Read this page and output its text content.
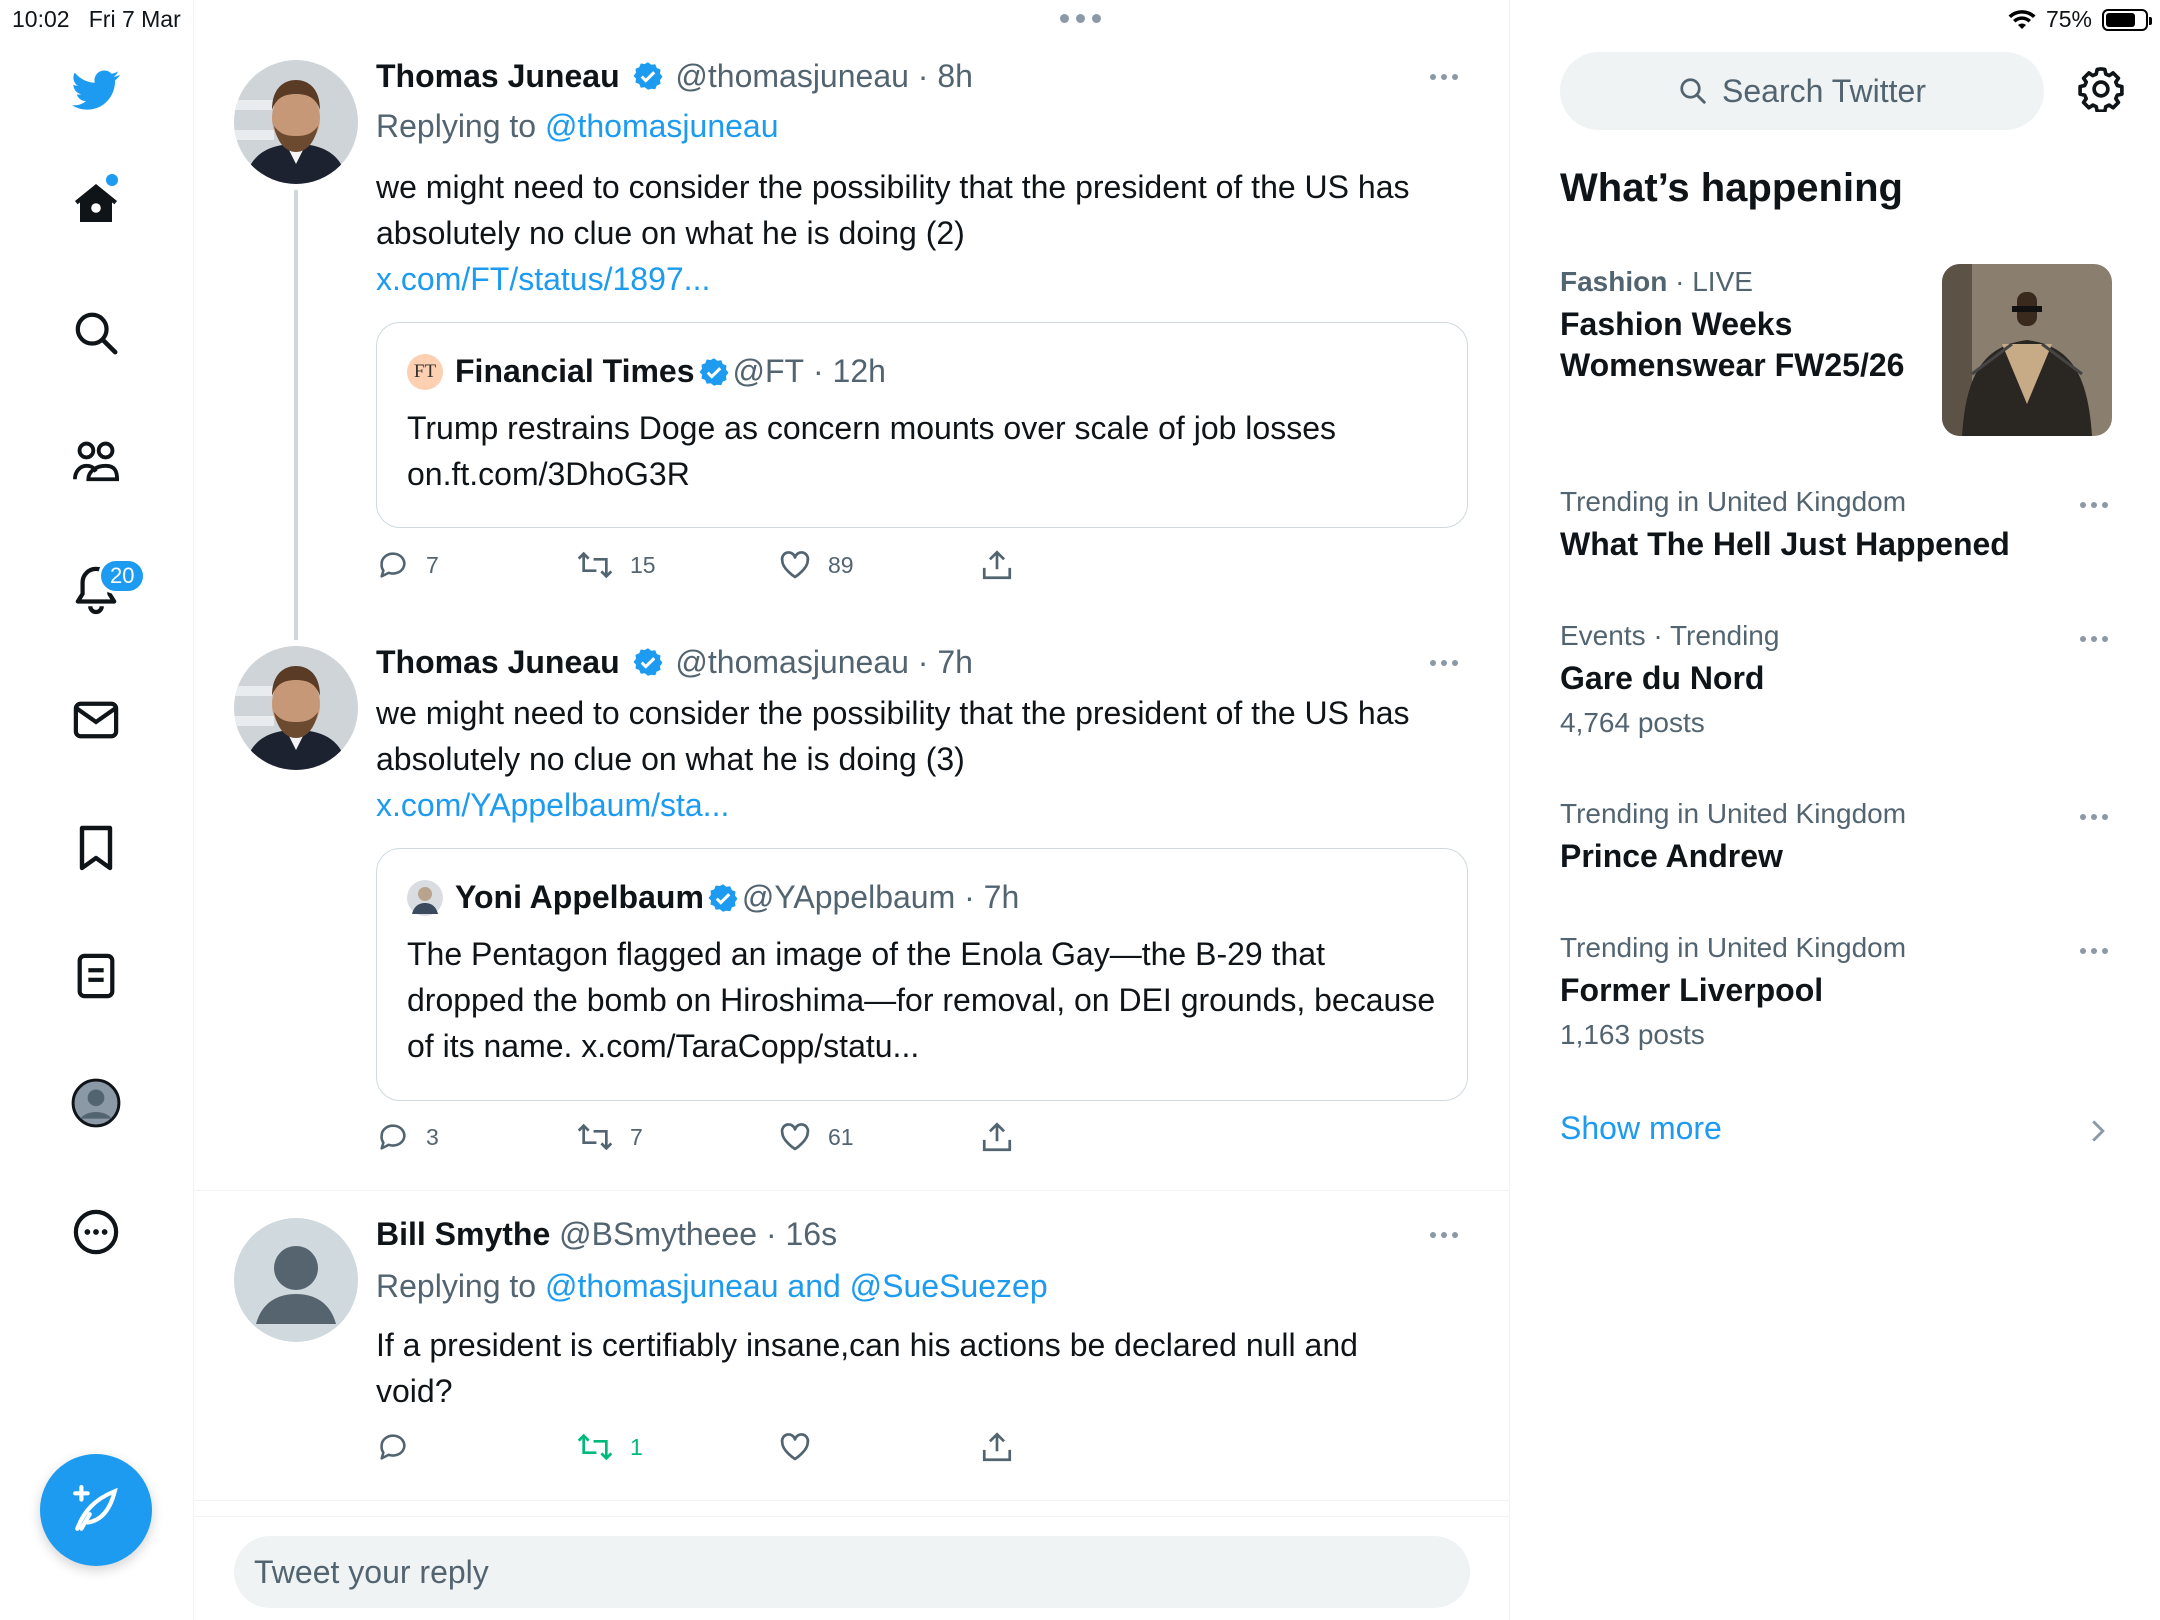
10:02 Fri 7 Mar	75%
20
Thomas Juneau @thomasjuneau · 8h
Replying to @thomasjuneau
we might need to consider the possibility that the president of the US has absolutely no clue on what he is doing (2)
x.com/FT/status/1897...
FT Financial Times @FT
· 12h
Trump restrains Doge as concern mounts over scale of job losses
on.ft.com/3DhoG3R
7	15	89
Thomas Juneau @thomasjuneau · 7h
we might need to consider the possibility that the president of the US has absolutely no clue on what he is doing (3)
x.com/YAppelbaum/sta...
Yoni Appelbaum @YAppelbaum
· 7h
The Pentagon flagged an image of the Enola Gay—the B-29 that dropped the bomb on Hiroshima—for removal, on DEI grounds, because of its name. x.com/TaraCopp/statu...
3	7	61
Bill Smythe @BSmytheee · 16s
Replying to @thomasjuneau and @SueSuezep
If a president is certifiably insane,can his actions be declared null and void?
1
Tweet your reply
Search Twitter
What’s happening
Fashion · LIVE
Fashion Weeks Womenswear FW25/26
Trending in United Kingdom
What The Hell Just Happened
Events · Trending
Gare du Nord
4,764 posts
Trending in United Kingdom
Prince Andrew
Trending in United Kingdom
Former Liverpool
1,163 posts
Show more
